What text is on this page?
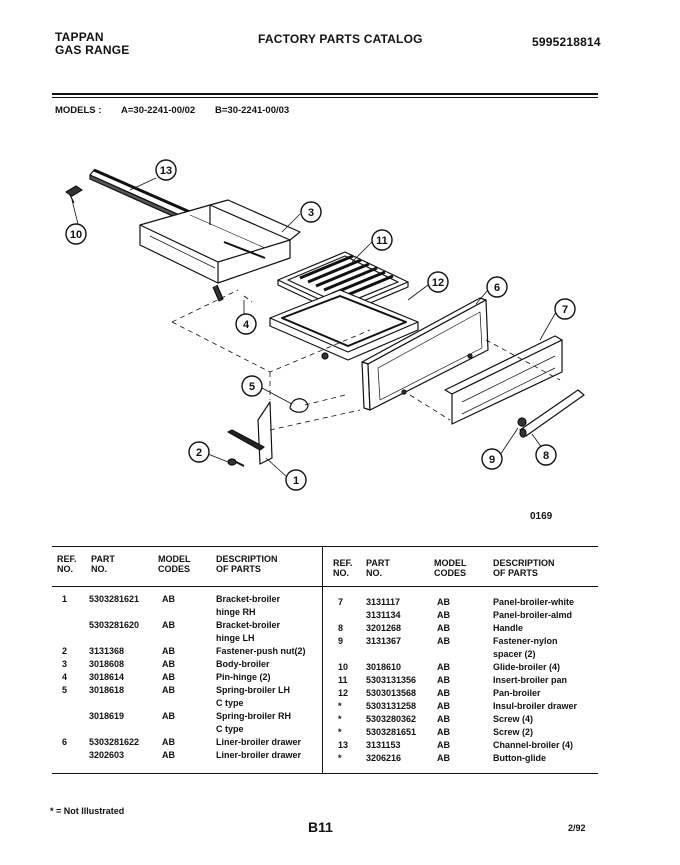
TAPPAN
GAS RANGE
FACTORY PARTS CATALOG	5995218814
MODELS : A=30-2241-00/02 B=30-2241-00/03
13
10
3
11
4
12	6
7
5
2
1
9	8
0169
REF.
NO.
PART
NO.
MODEL
CODES
DESCRIPTION
OF PARTS
REF.
NO.
PART
NO.
MODEL
CODES
DESCRIPTION
OF PARTS
1 5303281621	AB	Bracket-broiler
hinge RH
5303281620	AB	Bracket-broiler
hinge LH
2 3131368	AB	Fastener-push nut(2)
3 3018608	AB	Body-broiler
4 3018614	AB	Pin-hinge (2)
5 3018618	AB	Spring-broiler LH
C type
3018619	AB	Spring-broiler RH
C type
6 5303281622	AB	Liner-broiler drawer
3202603	AB	Liner-broiler drawer
7	3131117	AB	Panel-broiler-white
3131134	AB	Panel-broiler-almd
8	3201268	AB	Handle
9	3131367	AB	Fastener-nylon
spacer (2)
10 3018610	AB	Glide-broiler (4)
11 5303131356 AB	Insert-broiler pan
12 5303013568 AB	Pan-broiler
*	5303131258 AB	Insul-broiler drawer
*	5303280362 AB	Screw (4)
*	5303281651 AB	Screw (2)
13 3131153	AB	Channel-broiler (4)
*	3206216	AB	Button-glide
* = Not Illustrated
B11	2/92
